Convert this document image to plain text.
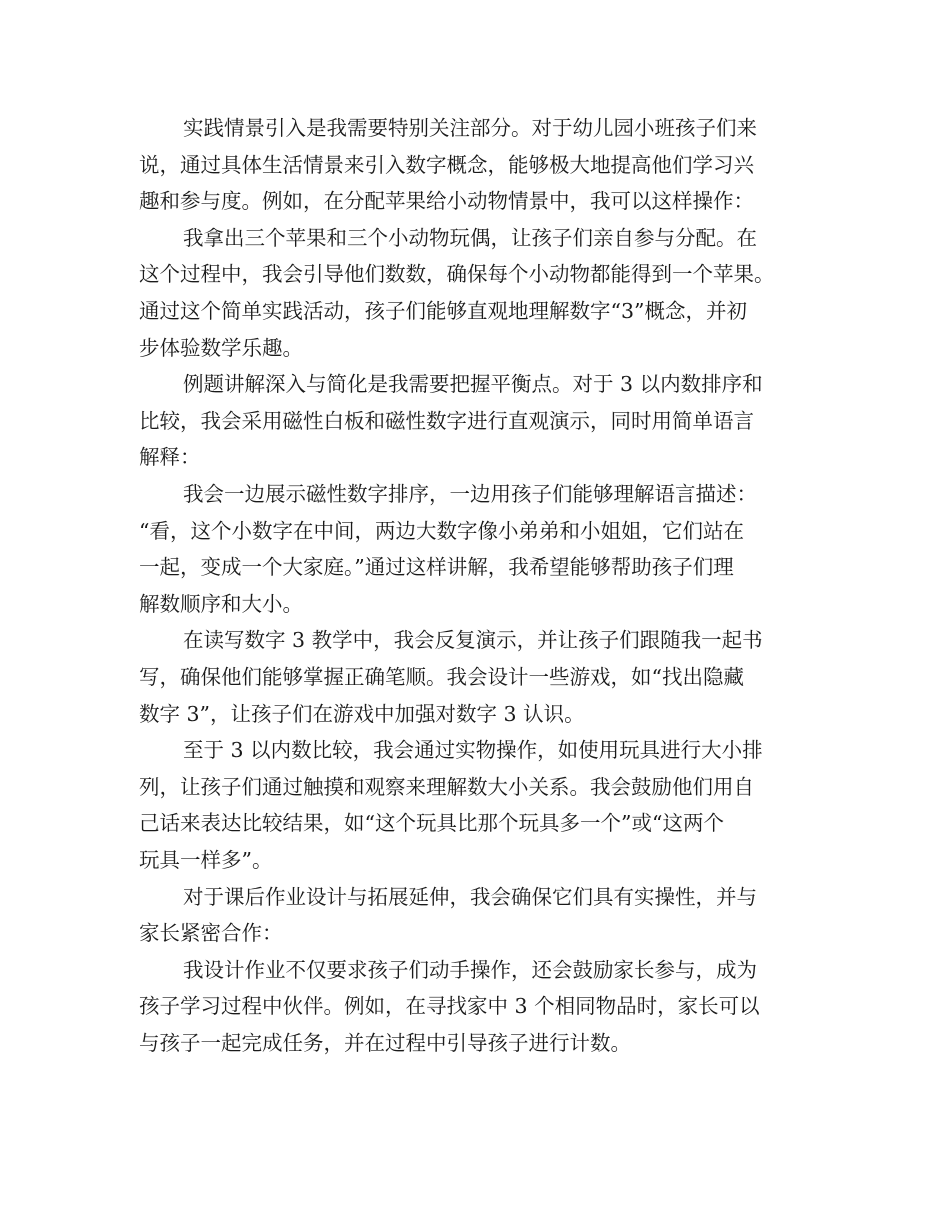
实践情景引入是我需要特别关注部分。对于幼儿园小班孩子们来
说，通过具体生活情景来引入数字概念，能够极大地提高他们学习兴
趣和参与度。例如，在分配苹果给小动物情景中，我可以这样操作：
我拿出三个苹果和三个小动物玩偶，让孩子们亲自参与分配。在
这个过程中，我会引导他们数数，确保每个小动物都能得到一个苹果。
通过这个简单实践活动，孩子们能够直观地理解数字“3”概念，并初
步体验数学乐趣。
例题讲解深入与简化是我需要把握平衡点。对于 3 以内数排序和
比较，我会采用磁性白板和磁性数字进行直观演示，同时用简单语言
解释：
我会一边展示磁性数字排序，一边用孩子们能够理解语言描述：
“看，这个小数字在中间，两边大数字像小弟弟和小姐姐，它们站在
一起，变成一个大家庭。”通过这样讲解，我希望能够帮助孩子们理
解数顺序和大小。
在读写数字 3 教学中，我会反复演示，并让孩子们跟随我一起书
写，确保他们能够掌握正确笔顺。我会设计一些游戏，如“找出隐藏
数字 3”，让孩子们在游戏中加强对数字 3 认识。
至于 3 以内数比较，我会通过实物操作，如使用玩具进行大小排
列，让孩子们通过触摸和观察来理解数大小关系。我会鼓励他们用自
己话来表达比较结果，如“这个玩具比那个玩具多一个”或“这两个
玩具一样多”。
对于课后作业设计与拓展延伸，我会确保它们具有实操性，并与
家长紧密合作：
我设计作业不仅要求孩子们动手操作，还会鼓励家长参与，成为
孩子学习过程中伙伴。例如，在寻找家中 3 个相同物品时，家长可以
与孩子一起完成任务，并在过程中引导孩子进行计数。
